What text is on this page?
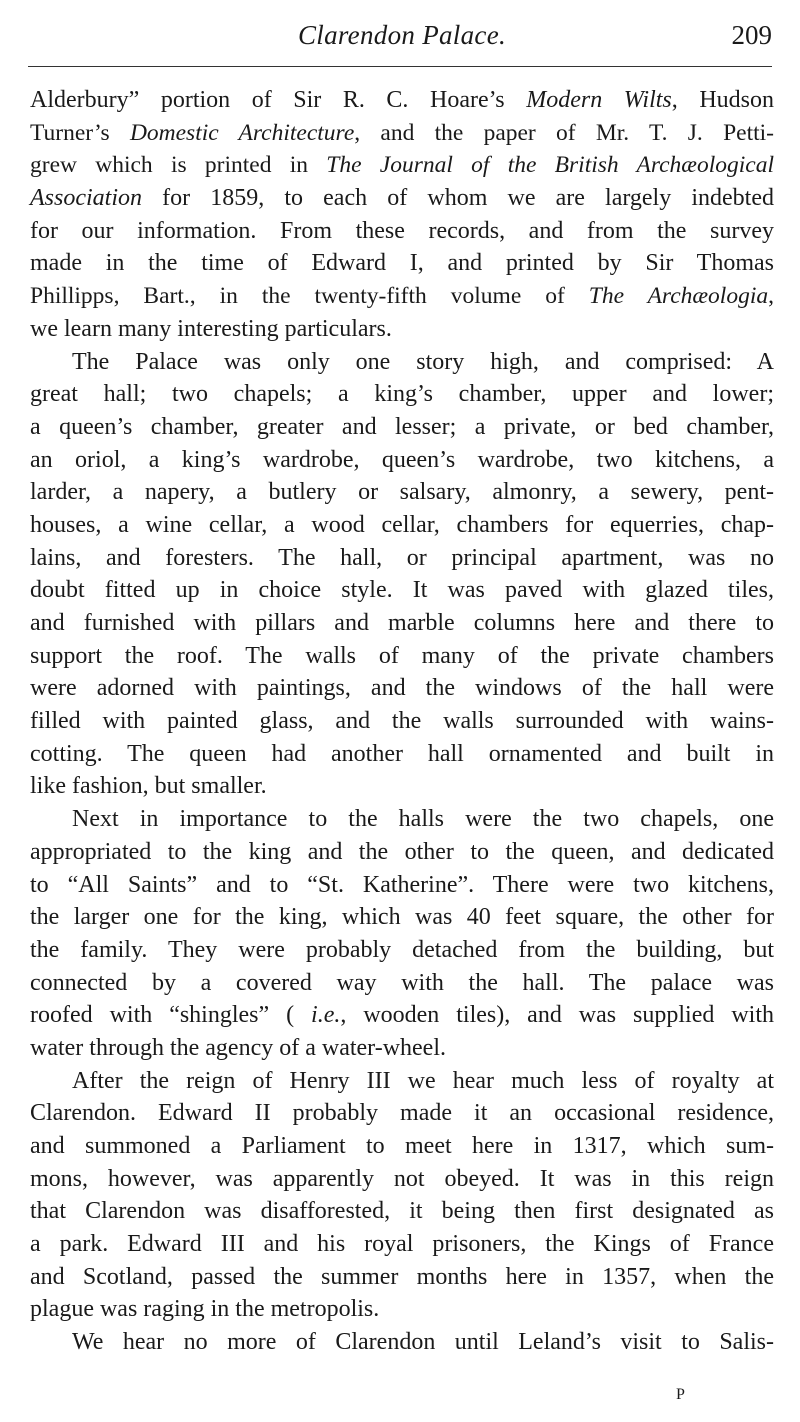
Clarendon Palace.	209
Alderbury” portion of Sir R. C. Hoare’s Modern Wilts, Hudson
Turner’s Domestic Architecture, and the paper of Mr. T. J. Petti-
grew which is printed in The Journal of the British Archæological
Association for 1859, to each of whom we are largely indebted
for our information. From these records, and from the survey
made in the time of Edward I, and printed by Sir Thomas
Phillipps, Bart., in the twenty-fifth volume of The Archæologia,
we learn many interesting particulars.
The Palace was only one story high, and comprised: A
great hall; two chapels; a king’s chamber, upper and lower;
a queen’s chamber, greater and lesser; a private, or bed chamber,
an oriol, a king’s wardrobe, queen’s wardrobe, two kitchens, a
larder, a napery, a butlery or salsary, almonry, a sewery, pent-
houses, a wine cellar, a wood cellar, chambers for equerries, chap-
lains, and foresters. The hall, or principal apartment, was no
doubt fitted up in choice style. It was paved with glazed tiles,
and furnished with pillars and marble columns here and there to
support the roof. The walls of many of the private chambers
were adorned with paintings, and the windows of the hall were
filled with painted glass, and the walls surrounded with wains-
cotting. The queen had another hall ornamented and built in
like fashion, but smaller.
Next in importance to the halls were the two chapels, one
appropriated to the king and the other to the queen, and dedicated
to “All Saints” and to “St. Katherine”. There were two kitchens,
the larger one for the king, which was 40 feet square, the other for
the family. They were probably detached from the building, but
connected by a covered way with the hall. The palace was
roofed with “shingles” ( i.e., wooden tiles), and was supplied with
water through the agency of a water-wheel.
After the reign of Henry III we hear much less of royalty at
Clarendon. Edward II probably made it an occasional residence,
and summoned a Parliament to meet here in 1317, which sum-
mons, however, was apparently not obeyed. It was in this reign
that Clarendon was disafforested, it being then first designated as
a park. Edward III and his royal prisoners, the Kings of France
and Scotland, passed the summer months here in 1357, when the
plague was raging in the metropolis.
We hear no more of Clarendon until Leland’s visit to Salis-
P
